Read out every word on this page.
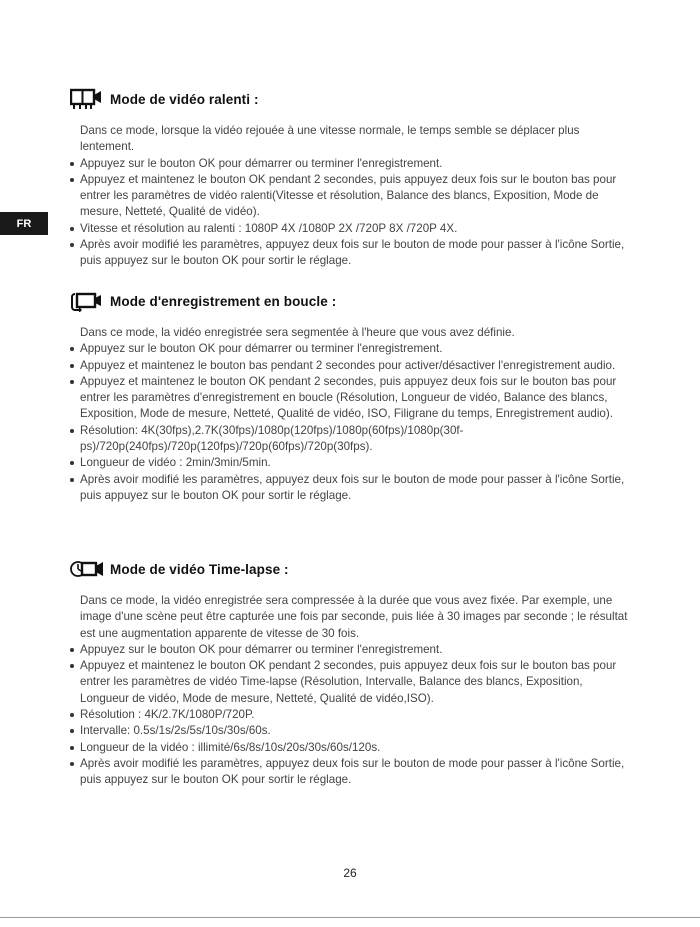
FR
Mode de vidéo ralenti :

Dans ce mode, lorsque la vidéo rejouée à une vitesse normale, le temps semble se déplacer plus lentement.

Appuyez sur le bouton OK pour démarrer ou terminer l'enregistrement.
Appuyez et maintenez le bouton OK pendant 2 secondes, puis appuyez deux fois sur le bouton bas pour entrer les paramètres de vidéo ralenti(Vitesse et résolution, Balance des blancs, Exposition, Mode de mesure, Netteté, Qualité de vidéo).
Vitesse et résolution au ralenti : 1080P 4X /1080P 2X /720P 8X /720P 4X.
Après avoir modifié les paramètres, appuyez deux fois sur le bouton de mode pour passer à l'icône Sortie, puis appuyez sur le bouton OK pour sortir le réglage.
Mode d'enregistrement en boucle :

Dans ce mode, la vidéo enregistrée sera segmentée à l'heure que vous avez définie.

Appuyez sur le bouton OK pour démarrer ou terminer l'enregistrement.
Appuyez et maintenez le bouton bas pendant 2 secondes pour activer/désactiver l'enregistrement audio.
Appuyez et maintenez le bouton OK pendant 2 secondes, puis appuyez deux fois sur le bouton bas pour entrer les paramètres d'enregistrement en boucle (Résolution, Longueur de vidéo, Balance des blancs, Exposition, Mode de mesure, Netteté, Qualité de vidéo, ISO, Filigrane du temps, Enregistrement audio).
Résolution: 4K(30fps),2.7K(30fps)/1080p(120fps)/1080p(60fps)/1080p(30f-ps)/720p(240fps)/720p(120fps)/720p(60fps)/720p(30fps).
Longueur de vidéo : 2min/3min/5min.
Après avoir modifié les paramètres, appuyez deux fois sur le bouton de mode pour passer à l'icône Sortie, puis appuyez sur le bouton OK pour sortir le réglage.
Mode de vidéo Time-lapse :

Dans ce mode, la vidéo enregistrée sera compressée à la durée que vous avez fixée. Par exemple, une image d'une scène peut être capturée une fois par seconde, puis liée à 30 images par seconde ; le résultat est une augmentation apparente de vitesse de 30 fois.

Appuyez sur le bouton OK pour démarrer ou terminer l'enregistrement.
Appuyez et maintenez le bouton OK pendant 2 secondes, puis appuyez deux fois sur le bouton bas pour entrer les paramètres de vidéo Time-lapse (Résolution, Intervalle, Balance des blancs, Exposition, Longueur de vidéo, Mode de mesure, Netteté, Qualité de vidéo,ISO).
Résolution : 4K/2.7K/1080P/720P.
Intervalle: 0.5s/1s/2s/5s/10s/30s/60s.
Longueur de la vidéo : illimité/6s/8s/10s/20s/30s/60s/120s.
Après avoir modifié les paramètres, appuyez deux fois sur le bouton de mode pour passer à l'icône Sortie, puis appuyez sur le bouton OK pour sortir le réglage.
26
